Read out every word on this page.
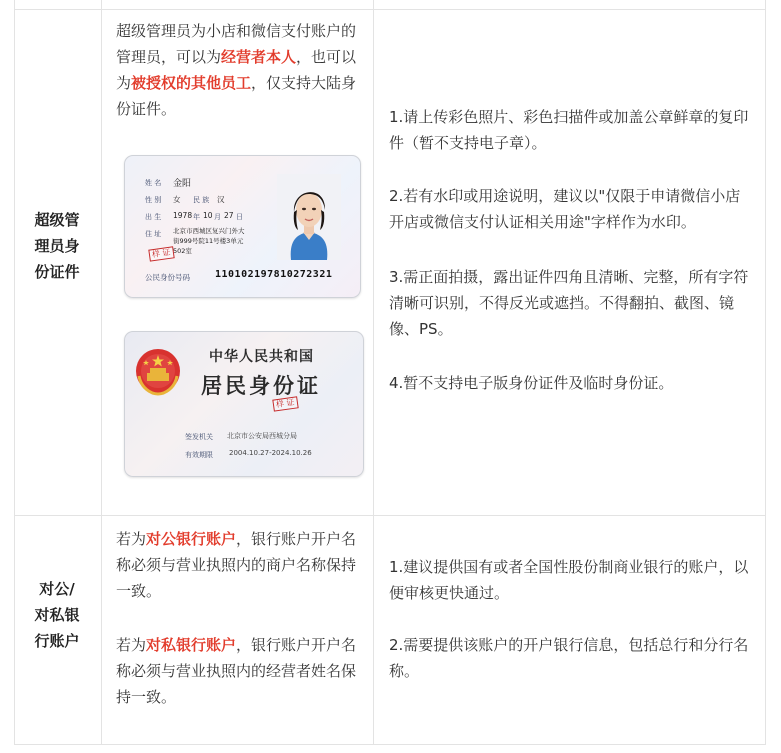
超级管
理员身
份证件

超级管理员为小店和微信支付账户的管理员，可以为经营者本人，也可以为被授权的其他员工，仅支持大陆身份证件。

姓 名 金阳
性 别 女 民 族 汉
出 生 1978 年 10 月 27 日
住 址 北京市西城区复兴门外大
街999号院11号楼3单元
502室
样 证
公民身份号码	110102197810272321
中华人民共和国
居民身份证
样 证
签发机关 北京市公安局西城分局
有效期限 2004.10.27-2024.10.26

1.请上传彩色照片、彩色扫描件或加盖公章鲜章的复印件（暂不支持电子章）。

2.若有水印或用途说明，建议以"仅限于申请微信小店开店或微信支付认证相关用途"字样作为水印。

3.需正面拍摄，露出证件四角且清晰、完整，所有字符清晰可识别，不得反光或遮挡。不得翻拍、截图、镜像、PS。

4.暂不支持电子版身份证件及临时身份证。

对公/
对私银
行账户

若为对公银行账户，银行账户开户名称必须与营业执照内的商户名称保持一致。

若为对私银行账户，银行账户开户名称必须与营业执照内的经营者姓名保持一致。

1.建议提供国有或者全国性股份制商业银行的账户，以便审核更快通过。

2.需要提供该账户的开户银行信息，包括总行和分行名称。
